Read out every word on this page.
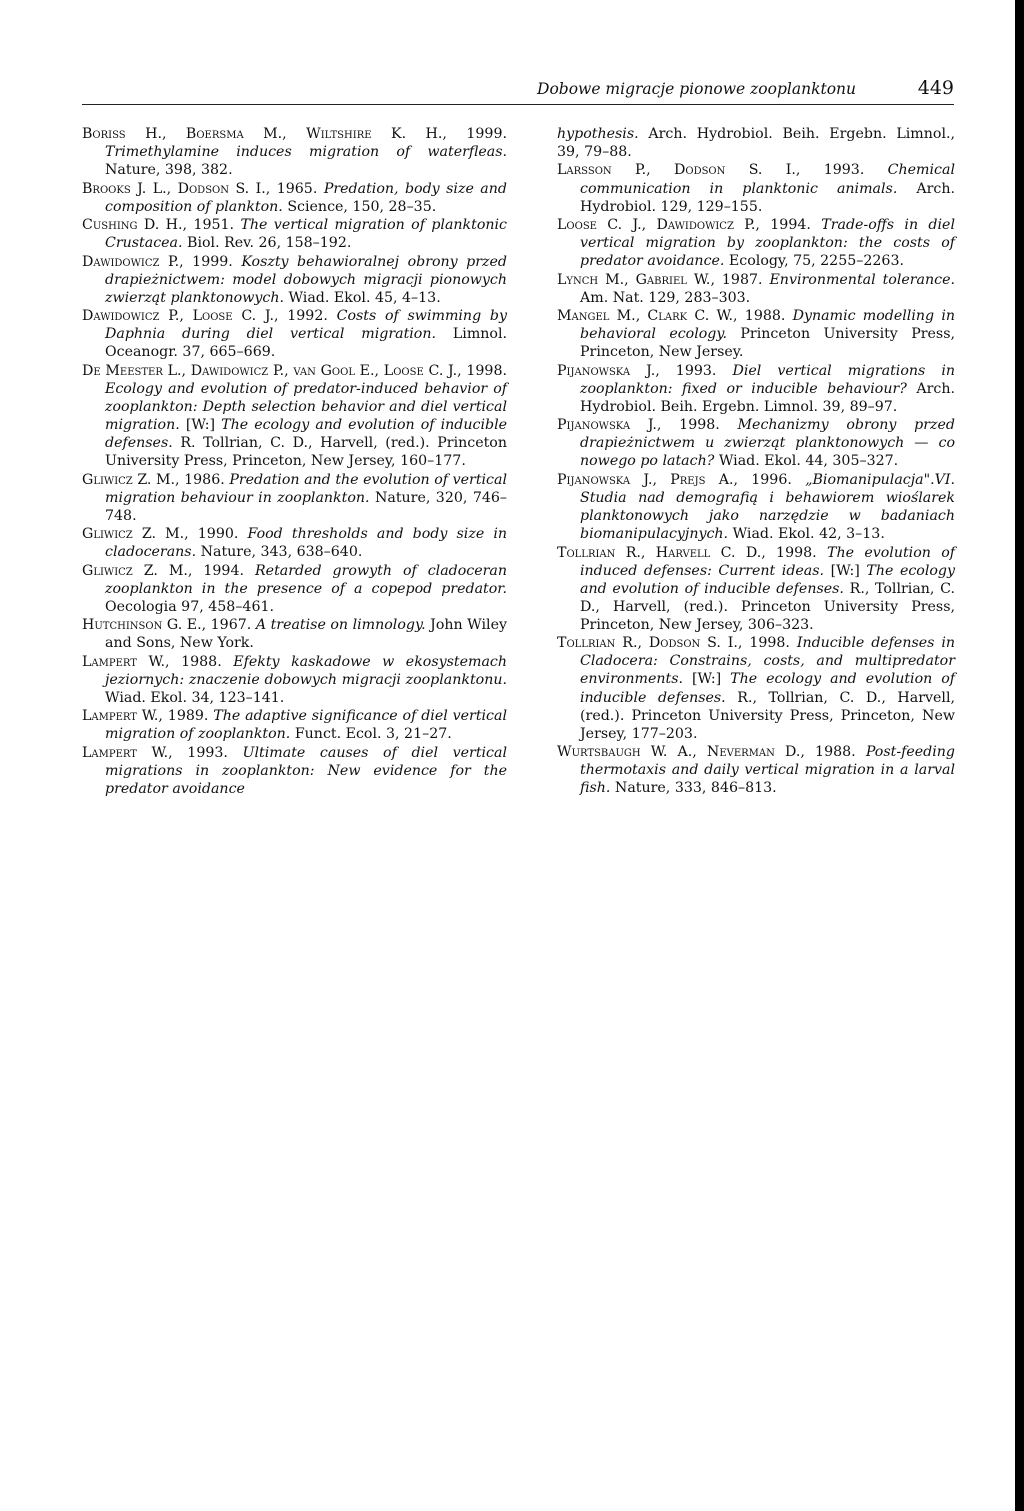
Dobowe migracje pionowe zooplanktonu	449

Boriss H., Boersma M., Wiltshire K. H., 1999. Trimethylamine induces migration of waterfleas. Nature, 398, 382.

Brooks J. L., Dodson S. I., 1965. Predation, body size and composition of plankton. Science, 150, 28–35.

Cushing D. H., 1951. The vertical migration of planktonic Crustacea. Biol. Rev. 26, 158–192.

Dawidowicz P., 1999. Koszty behawioralnej obrony przed drapieżnictwem: model dobowych migracji pionowych zwierząt planktonowych. Wiad. Ekol. 45, 4–13.

Dawidowicz P., Loose C. J., 1992. Costs of swimming by Daphnia during diel vertical migration. Limnol. Oceanogr. 37, 665–669.

De Meester L., Dawidowicz P., van Gool E., Loose C. J., 1998. Ecology and evolution of predator-induced behavior of zooplankton: Depth selection behavior and diel vertical migration. [W:] The ecology and evolution of inducible defenses. R. Tollrian, C. D., Harvell, (red.). Princeton University Press, Princeton, New Jersey, 160–177.

Gliwicz Z. M., 1986. Predation and the evolution of vertical migration behaviour in zooplankton. Nature, 320, 746–748.

Gliwicz Z. M., 1990. Food thresholds and body size in cladocerans. Nature, 343, 638–640.

Gliwicz Z. M., 1994. Retarded growyth of cladoceran zooplankton in the presence of a copepod predator. Oecologia 97, 458–461.

Hutchinson G. E., 1967. A treatise on limnology. John Wiley and Sons, New York.

Lampert W., 1988. Efekty kaskadowe w ekosystemach jeziornych: znaczenie dobowych migracji zooplanktonu. Wiad. Ekol. 34, 123–141.

Lampert W., 1989. The adaptive significance of diel vertical migration of zooplankton. Funct. Ecol. 3, 21–27.

Lampert W., 1993. Ultimate causes of diel vertical migrations in zooplankton: New evidence for the predator avoidance

hypothesis. Arch. Hydrobiol. Beih. Ergebn. Limnol., 39, 79–88.

Larsson P., Dodson S. I., 1993. Chemical communication in planktonic animals. Arch. Hydrobiol. 129, 129–155.

Loose C. J., Dawidowicz P., 1994. Trade-offs in diel vertical migration by zooplankton: the costs of predator avoidance. Ecology, 75, 2255–2263.

Lynch M., Gabriel W., 1987. Environmental tolerance. Am. Nat. 129, 283–303.

Mangel M., Clark C. W., 1988. Dynamic modelling in behavioral ecology. Princeton University Press, Princeton, New Jersey.

Pijanowska J., 1993. Diel vertical migrations in zooplankton: fixed or inducible behaviour? Arch. Hydrobiol. Beih. Ergebn. Limnol. 39, 89–97.

Pijanowska J., 1998. Mechanizmy obrony przed drapieżnictwem u zwierząt planktonowych — co nowego po latach? Wiad. Ekol. 44, 305–327.

Pijanowska J., Prejs A., 1996. „Biomanipulacja".VI. Studia nad demografią i behawiorem wioślarek planktonowych jako narzędzie w badaniach biomanipulacyjnych. Wiad. Ekol. 42, 3–13.

Tollrian R., Harvell C. D., 1998. The evolution of induced defenses: Current ideas. [W:] The ecology and evolution of inducible defenses. R., Tollrian, C. D., Harvell, (red.). Princeton University Press, Princeton, New Jersey, 306–323.

Tollrian R., Dodson S. I., 1998. Inducible defenses in Cladocera: Constrains, costs, and multipredator environments. [W:] The ecology and evolution of inducible defenses. R., Tollrian, C. D., Harvell, (red.). Princeton University Press, Princeton, New Jersey, 177–203.

Wurtsbaugh W. A., Neverman D., 1988. Post-feeding thermotaxis and daily vertical migration in a larval fish. Nature, 333, 846–813.
